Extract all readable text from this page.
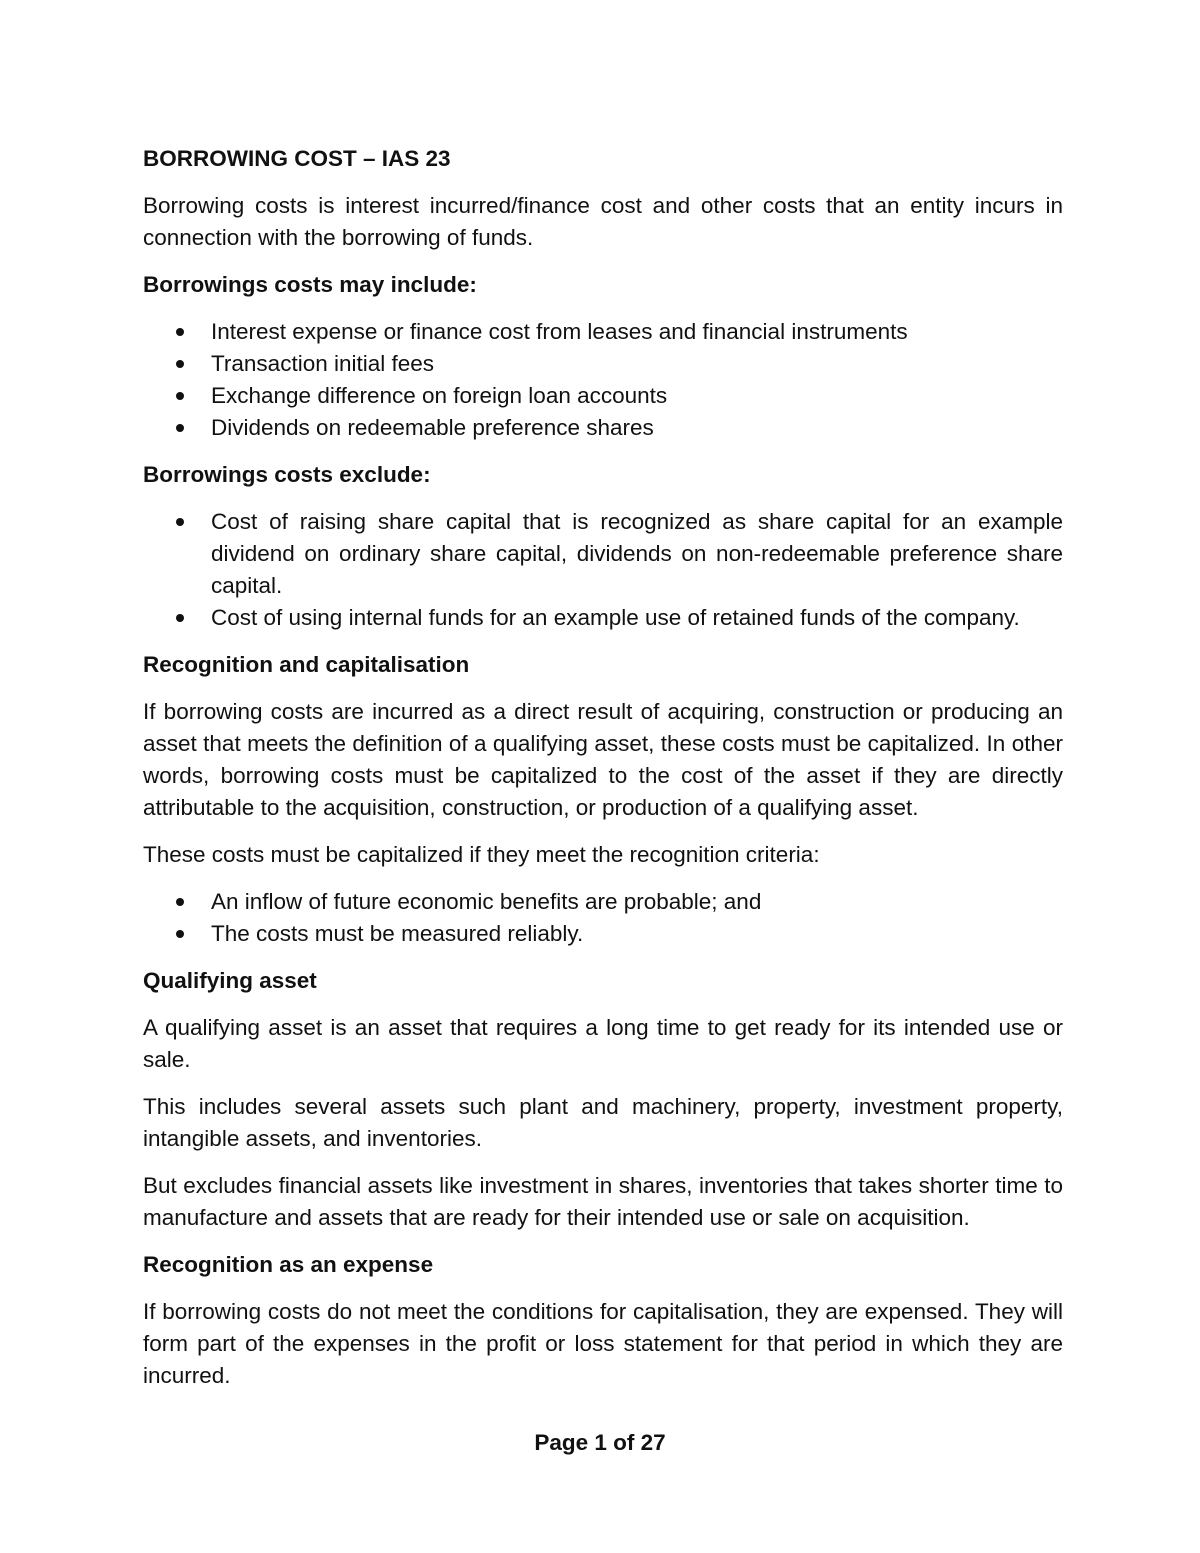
BORROWING COST – IAS 23

Borrowing costs is interest incurred/finance cost and other costs that an entity incurs in connection with the borrowing of funds.

Borrowings costs may include:

Interest expense or finance cost from leases and financial instruments
Transaction initial fees
Exchange difference on foreign loan accounts
Dividends on redeemable preference shares

Borrowings costs exclude:

Cost of raising share capital that is recognized as share capital for an example dividend on ordinary share capital, dividends on non-redeemable preference share capital.
Cost of using internal funds for an example use of retained funds of the company.

Recognition and capitalisation

If borrowing costs are incurred as a direct result of acquiring, construction or producing an asset that meets the definition of a qualifying asset, these costs must be capitalized. In other words, borrowing costs must be capitalized to the cost of the asset if they are directly attributable to the acquisition, construction, or production of a qualifying asset.

These costs must be capitalized if they meet the recognition criteria:

An inflow of future economic benefits are probable; and
The costs must be measured reliably.

Qualifying asset

A qualifying asset is an asset that requires a long time to get ready for its intended use or sale.

This includes several assets such plant and machinery, property, investment property, intangible assets, and inventories.

But excludes financial assets like investment in shares, inventories that takes shorter time to manufacture and assets that are ready for their intended use or sale on acquisition.

Recognition as an expense

If borrowing costs do not meet the conditions for capitalisation, they are expensed. They will form part of the expenses in the profit or loss statement for that period in which they are incurred.

Page 1 of 27
